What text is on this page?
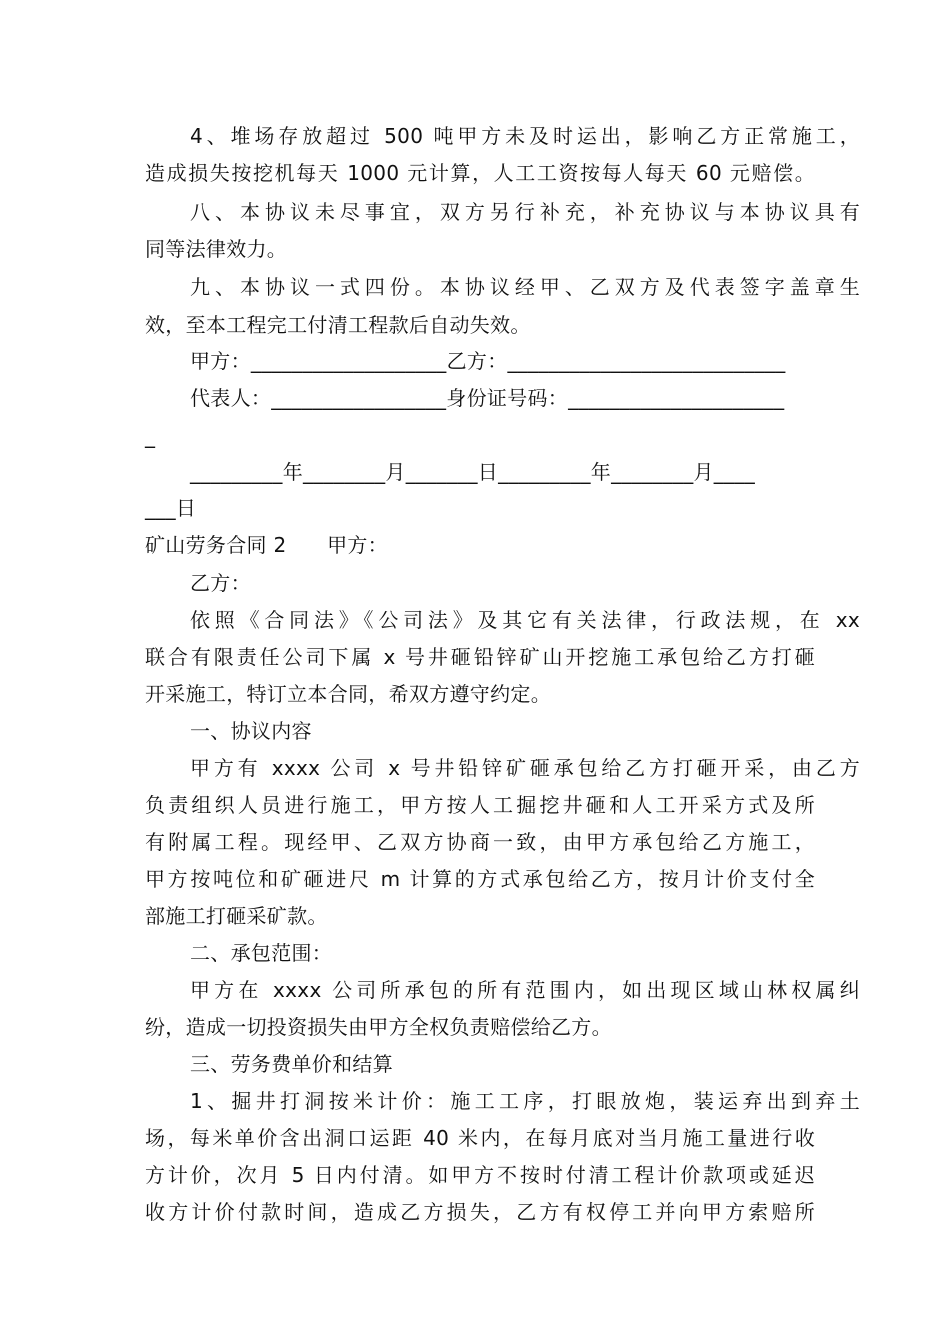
4、堆场存放超过 500 吨甲方未及时运出，影响乙方正常施工，
造成损失按挖机每天 1000 元计算，人工工资按每人每天 60 元赔偿。
八、本协议未尽事宜，双方另行补充，补充协议与本协议具有
同等法律效力。
九、本协议一式四份。本协议经甲、乙双方及代表签字盖章生
效，至本工程完工付清工程款后自动失效。
甲方：___________________乙方：___________________________
代表人：_________________身份证号码：_____________________
_
_________年________月_______日_________年________月____
___日
矿山劳务合同 2　　甲方：
乙方：
依照《合同法》《公司法》及其它有关法律，行政法规，在 xx
联合有限责任公司下属 x 号井砸铅锌矿山开挖施工承包给乙方打砸
开采施工，特订立本合同，希双方遵守约定。
一、协议内容
甲方有 xxxx 公司 x 号井铅锌矿砸承包给乙方打砸开采，由乙方
负责组织人员进行施工，甲方按人工掘挖井砸和人工开采方式及所
有附属工程。现经甲、乙双方协商一致，由甲方承包给乙方施工，
甲方按吨位和矿砸进尺 m 计算的方式承包给乙方，按月计价支付全
部施工打砸采矿款。
二、承包范围：
甲方在 xxxx 公司所承包的所有范围内，如出现区域山林权属纠
纷，造成一切投资损失由甲方全权负责赔偿给乙方。
三、劳务费单价和结算
1、掘井打洞按米计价：施工工序，打眼放炮，装运弃出到弃土
场，每米单价含出洞口运距 40 米内，在每月底对当月施工量进行收
方计价，次月 5 日内付清。如甲方不按时付清工程计价款项或延迟
收方计价付款时间，造成乙方损失，乙方有权停工并向甲方索赔所
